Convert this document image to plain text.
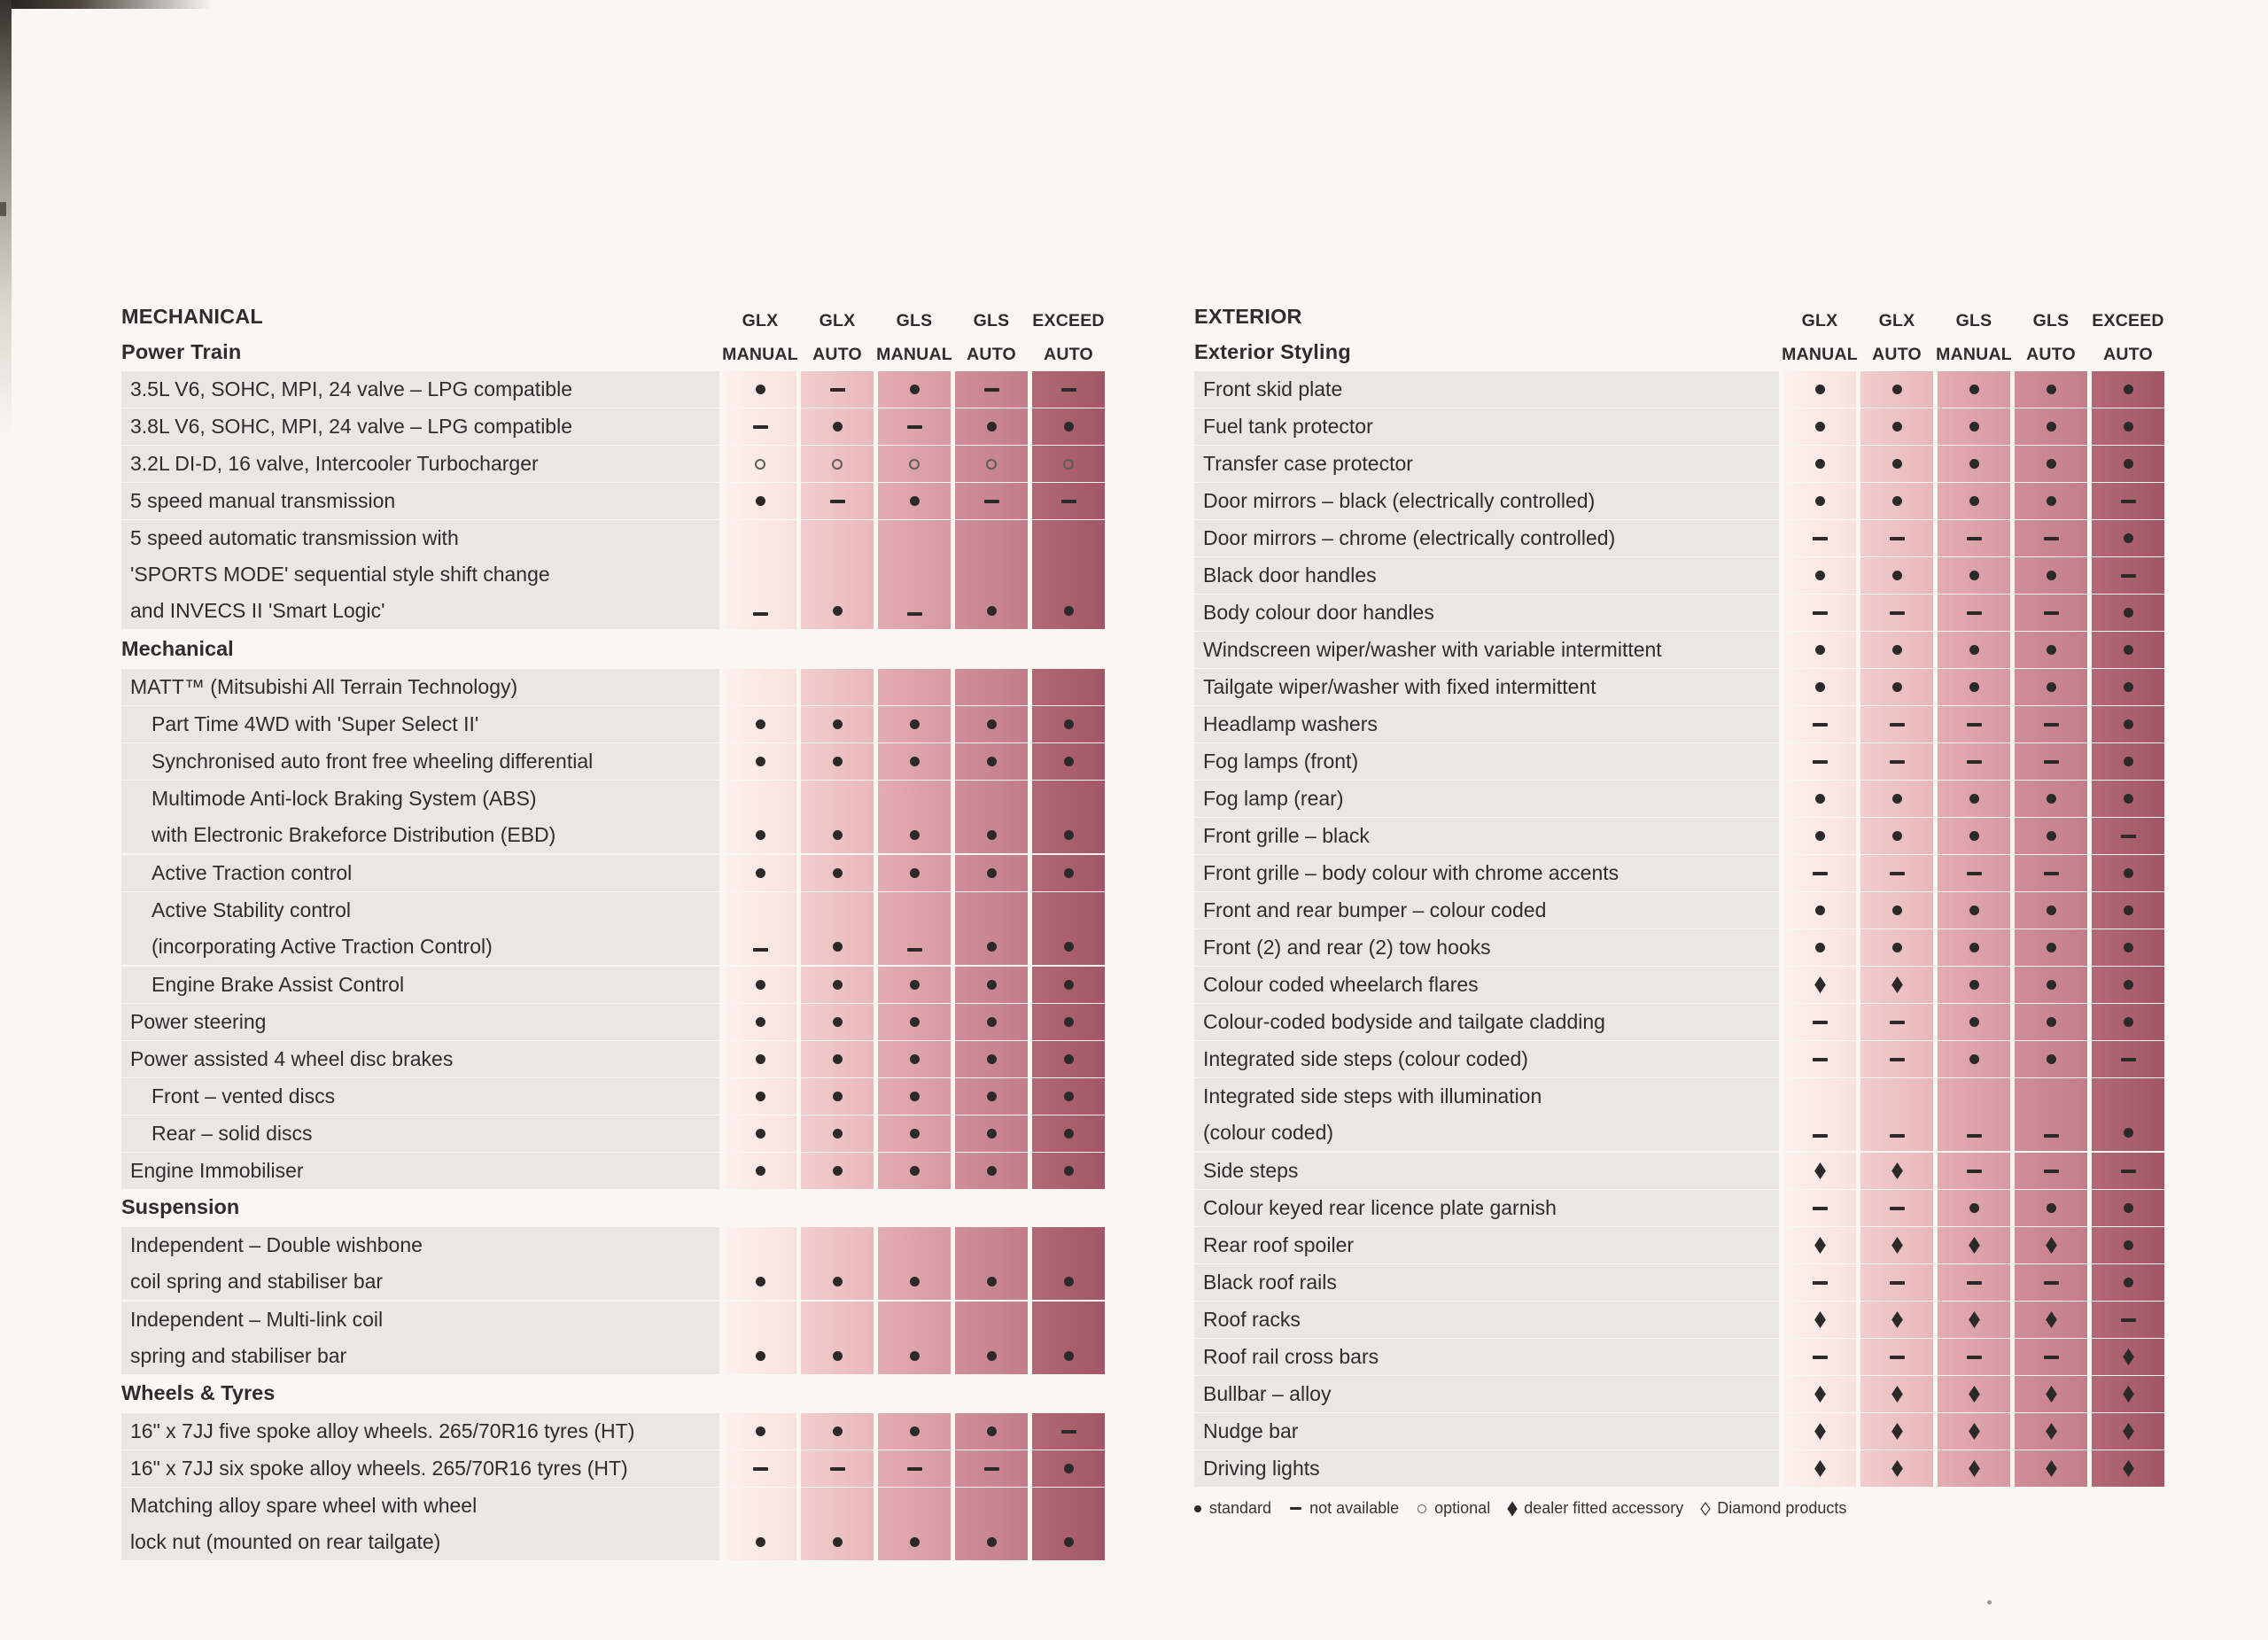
MECHANICAL
Power Train
GLX
MANUAL
GLX
AUTO
GLS
MANUAL
GLS
AUTO
EXCEED
AUTO
3.5L V6, SOHC, MPI, 24 valve – LPG compatible
3.8L V6, SOHC, MPI, 24 valve – LPG compatible
3.2L DI-D, 16 valve, Intercooler Turbocharger
5 speed manual transmission
5 speed automatic transmission with
'SPORTS MODE' sequential style shift change
and INVECS II 'Smart Logic'
Mechanical
MATT™ (Mitsubishi All Terrain Technology)
Part Time 4WD with 'Super Select II'
Synchronised auto front free wheeling differential
Multimode Anti-lock Braking System (ABS)
with Electronic Brakeforce Distribution (EBD)
Active Traction control
Active Stability control
(incorporating Active Traction Control)
Engine Brake Assist Control
Power steering
Power assisted 4 wheel disc brakes
Front – vented discs
Rear – solid discs
Engine Immobiliser
Suspension
Independent – Double wishbone
coil spring and stabiliser bar
Independent – Multi-link coil
spring and stabiliser bar
Wheels & Tyres
16" x 7JJ five spoke alloy wheels. 265/70R16 tyres (HT)
16" x 7JJ six spoke alloy wheels. 265/70R16 tyres (HT)
Matching alloy spare wheel with wheel
lock nut (mounted on rear tailgate)
EXTERIOR
Exterior Styling
GLX
MANUAL
GLX
AUTO
GLS
MANUAL
GLS
AUTO
EXCEED
AUTO
Front skid plate
Fuel tank protector
Transfer case protector
Door mirrors – black (electrically controlled)
Door mirrors – chrome (electrically controlled)
Black door handles
Body colour door handles
Windscreen wiper/washer with variable intermittent
Tailgate wiper/washer with fixed intermittent
Headlamp washers
Fog lamps (front)
Fog lamp (rear)
Front grille – black
Front grille – body colour with chrome accents
Front and rear bumper – colour coded
Front (2) and rear (2) tow hooks
Colour coded wheelarch flares
Colour-coded bodyside and tailgate cladding
Integrated side steps (colour coded)
Integrated side steps with illumination
(colour coded)
Side steps
Colour keyed rear licence plate garnish
Rear roof spoiler
Black roof rails
Roof racks
Roof rail cross bars
Bullbar – alloy
Nudge bar
Driving lights
standard not available optional dealer fitted accessory Diamond products
